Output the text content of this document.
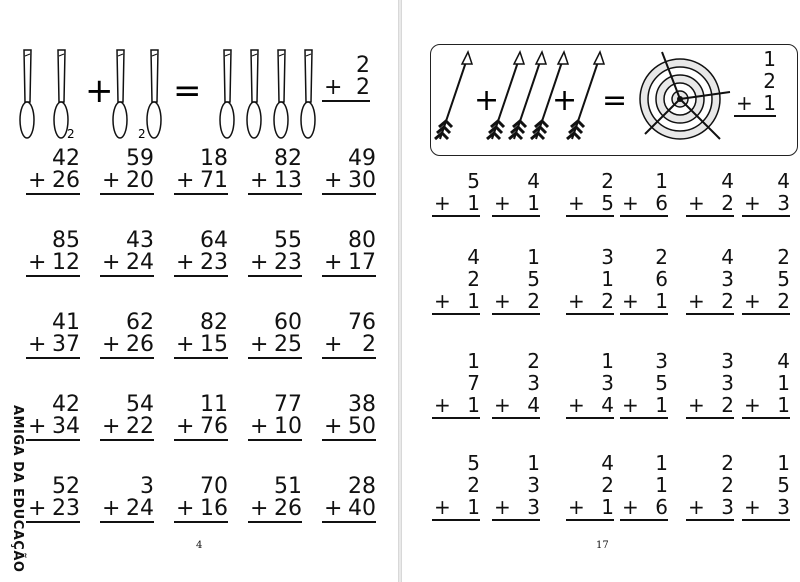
2
+
2
=
2
+ 2
42
+ 26
59
+ 20
18
+ 71
82
+ 13
49
+ 30
85
+ 12
43
+ 24
64
+ 23
55
+ 23
80
+ 17
41
+ 37
62
+ 26
82
+ 15
60
+ 25
76
+ 2
42
+ 34
54
+ 22
11
+ 76
77
+ 10
38
+ 50
52
+ 23
3
+ 24
70
+ 16
51
+ 26
28
+ 40
AMIGA DA EDUCAÇÃO	4
+ + =
1
2
+ 1
5
+ 1
4
+ 1
2
+ 5
1
+ 6
4
+ 2
4
+ 3
4
2
+ 1
1
5
+ 2
3
1
+ 2
2
6
+ 1
4
3
+ 2
2
5
+ 2
1
7
+ 1
2
3
+ 4
1
3
+ 4
3
5
+ 1
3
3
+ 2
4
1
+ 1
5
2
+ 1
1
3
+ 3
4
2
+ 1
1
1
+ 6
2
2
+ 3
1
5
+ 3
17
